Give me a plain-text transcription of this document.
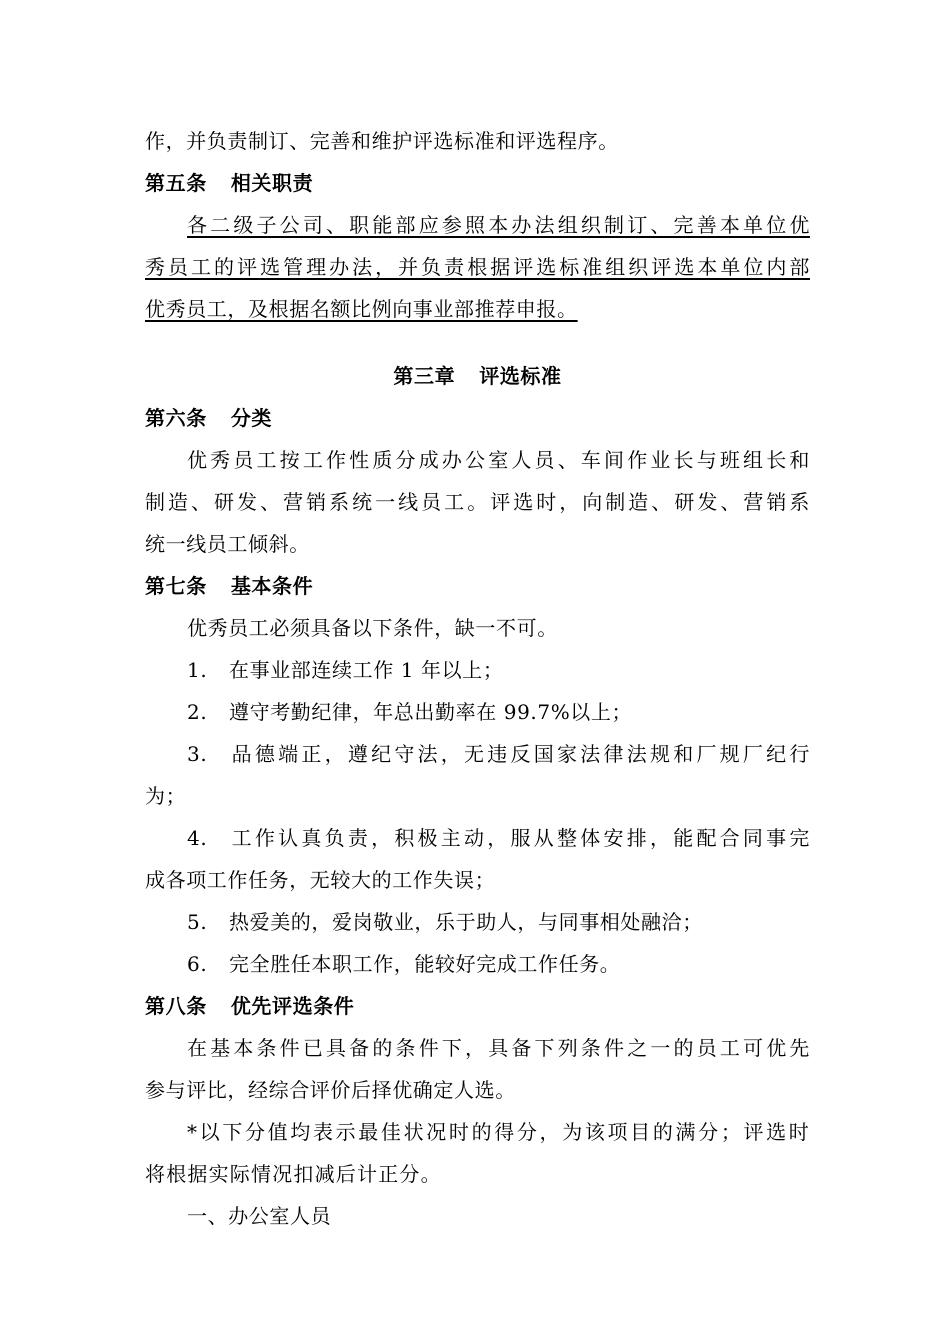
作，并负责制订、完善和维护评选标准和评选程序。
第五条 相关职责
各二级子公司、职能部应参照本办法组织制订、完善本单位优
秀员工的评选管理办法，并负责根据评选标准组织评选本单位内部
优秀员工，及根据名额比例向事业部推荐申报。
第三章 评选标准
第六条 分类
优秀员工按工作性质分成办公室人员、车间作业长与班组长和
制造、研发、营销系统一线员工。评选时，向制造、研发、营销系
统一线员工倾斜。
第七条 基本条件
优秀员工必须具备以下条件，缺一不可。
1. 在事业部连续工作 1 年以上；
2. 遵守考勤纪律，年总出勤率在 99.7%以上；
3. 品德端正，遵纪守法，无违反国家法律法规和厂规厂纪行
为；
4. 工作认真负责，积极主动，服从整体安排，能配合同事完
成各项工作任务，无较大的工作失误；
5. 热爱美的，爱岗敬业，乐于助人，与同事相处融洽；
6. 完全胜任本职工作，能较好完成工作任务。
第八条 优先评选条件
在基本条件已具备的条件下，具备下列条件之一的员工可优先
参与评比，经综合评价后择优确定人选。
*以下分值均表示最佳状况时的得分，为该项目的满分；评选时
将根据实际情况扣减后计正分。
一、办公室人员
